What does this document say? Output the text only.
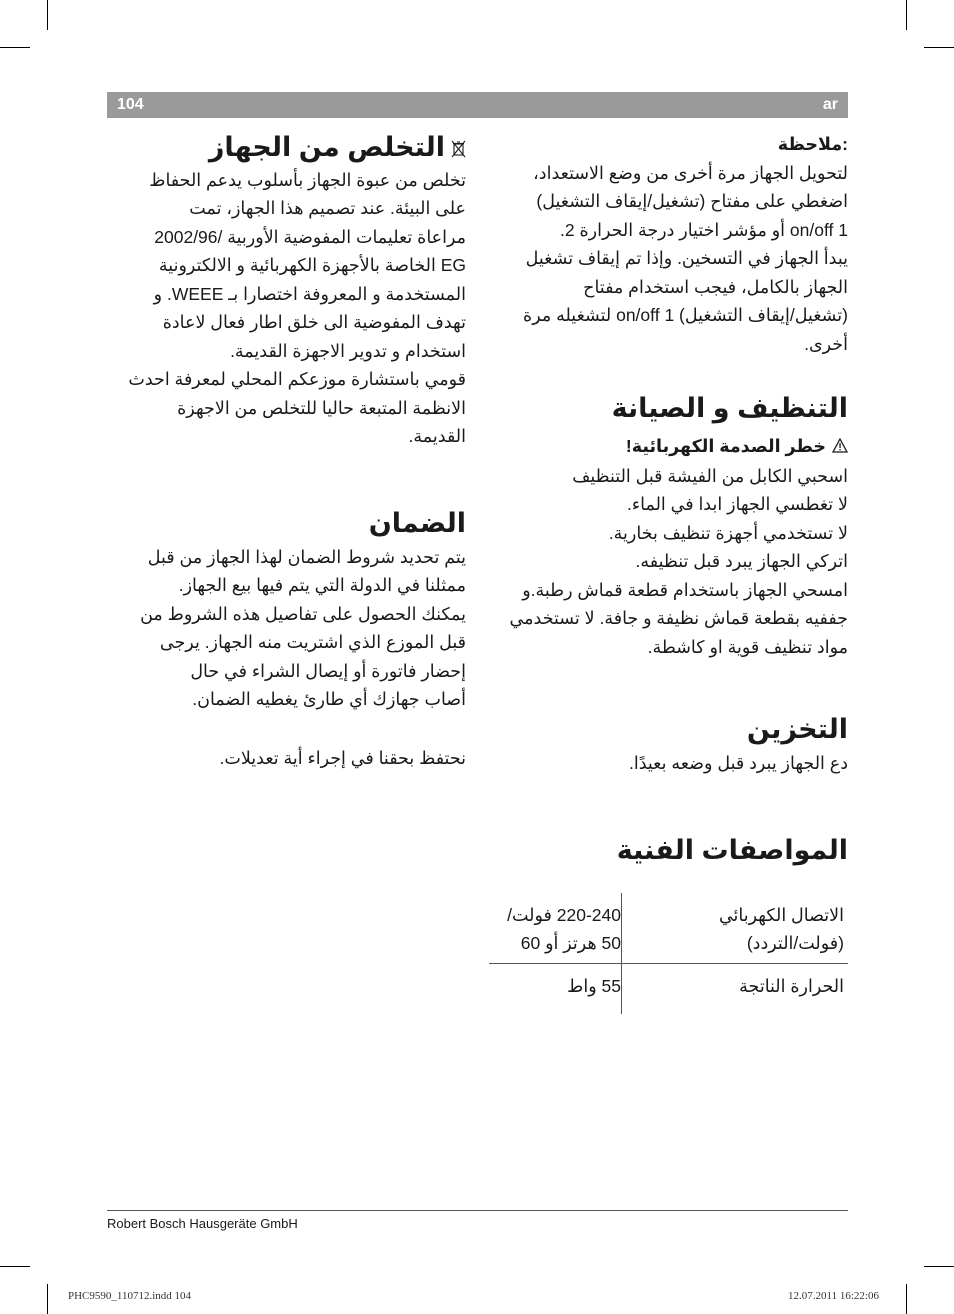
104	ar
:ملاحظة

لتحويل الجهاز مرة أخرى من وضع الاستعداد،

اضغطي على مفتاح (تشغيل/إيقاف التشغيل)

1 on/off أو مؤشر اختيار درجة الحرارة 2.

يبدأ الجهاز في التسخين. وإذا تم إيقاف تشغيل

الجهاز بالكامل، فيجب استخدام مفتاح

(تشغيل/إيقاف التشغيل) 1 on/off لتشغيله مرة

أخرى.

التنظيف و الصيانة
خطر الصدمة الكهربائية!

اسحبي الكابل من الفيشة قبل التنظيف

لا تغطسي الجهاز ابدا في الماء.

لا تستخدمي أجهزة تنظيف بخارية.

اتركي الجهاز يبرد قبل تنظيفه.

امسحي الجهاز باستخدام قطعة قماش رطبة.و

جففيه بقطعة قماش نظيفة و جافة. لا تستخدمي

مواد تنظيف قوية او كاشطة.

التخزين

دع الجهاز يبرد قبل وضعه بعيدًا.

المواصفات الفنية
الاتصال الكهربائي
(فولت/التردد)
220-240 فولت/
50 هرتز أو 60
الحرارة الناتجة
55 واط
التخلص من الجهاز

تخلص من عبوة الجهاز بأسلوب يدعم الحفاظ

على البيئة. عند تصميم هذا الجهاز، تمت

مراعاة تعليمات المفوضية الأوربية /2002/96

EG الخاصة بالأجهزة الكهربائية و الالكترونية

المستخدمة و المعروفة اختصارا بـ WEEE. و

تهدف المفوضية الى خلق اطار فعال لاعادة

استخدام و تدوير الاجهزة القديمة.

قومي باستشارة موزعكم المحلي لمعرفة احدث

الانظمة المتبعة حاليا للتخلص من الاجهزة

القديمة.

الضمان

يتم تحديد شروط الضمان لهذا الجهاز من قبل

ممثلنا في الدولة التي يتم فيها بيع الجهاز.

يمكنك الحصول على تفاصيل هذه الشروط من

قبل الموزع الذي اشتريت منه الجهاز. يرجى

إحضار فاتورة أو إيصال الشراء في حال

أصاب جهازك أي طارئ يغطيه الضمان.

نحتفظ بحقنا في إجراء أية تعديلات.

Robert Bosch Hausgeräte GmbH
PHC9590_110712.indd 104	12.07.2011 16:22:06
